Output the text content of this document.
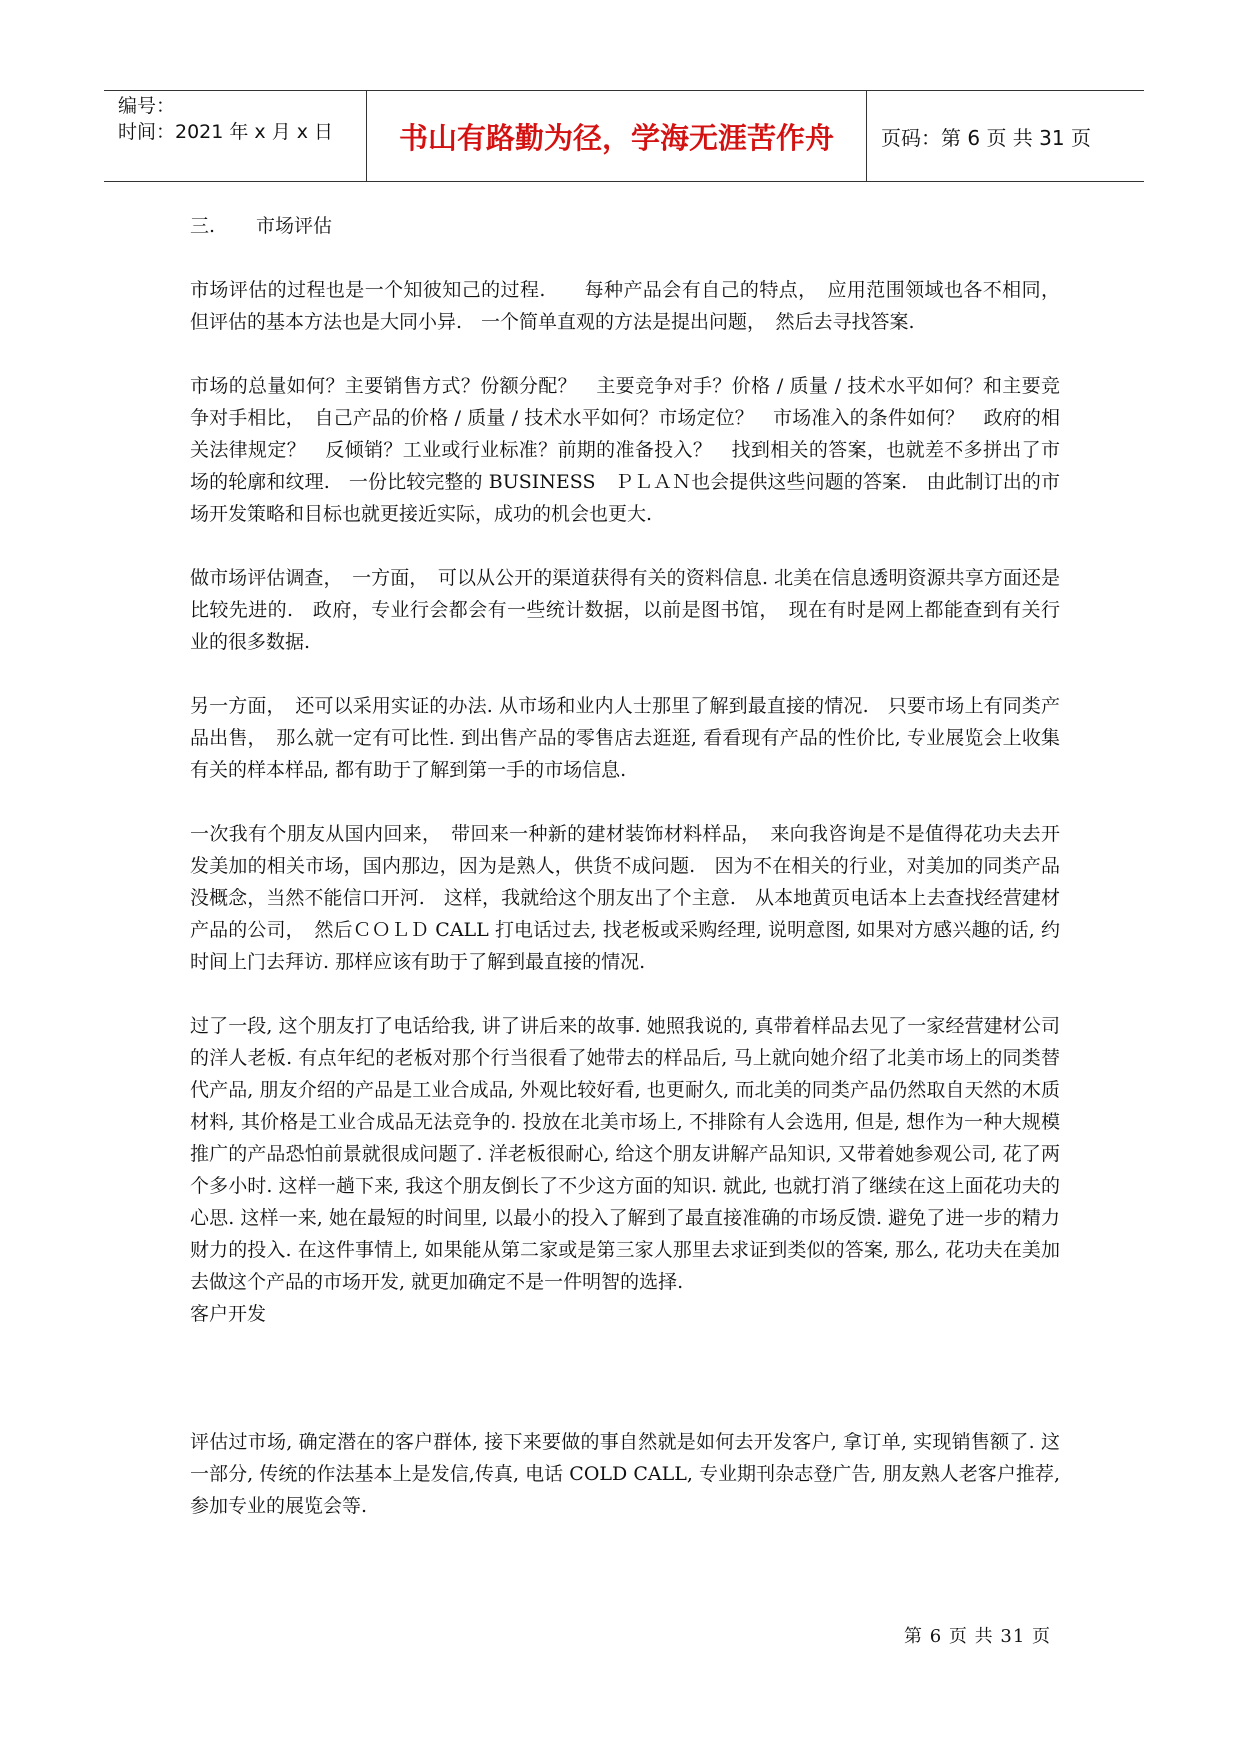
编号：
时间：2021 年 x 月 x 日	书山有路勤为径，学海无涯苦作舟	页码：第 6 页 共 31 页
三. 市场评估

市场评估的过程也是一个知彼知己的过程.　　每种产品会有自己的特点，　应用范围领域也各不相同，但评估的基本方法也是大同小异.　一个简单直观的方法是提出问题，　然后去寻找答案.

市场的总量如何？主要销售方式？份额分配？　主要竞争对手？价格 / 质量 / 技术水平如何？和主要竞争对手相比，　自己产品的价格 / 质量 / 技术水平如何？市场定位？　市场准入的条件如何？　政府的相关法律规定？　反倾销？工业或行业标准？前期的准备投入？　找到相关的答案，也就差不多拼出了市场的轮廓和纹理.　一份比较完整的 BUSINESS　ＰＬＡＮ也会提供这些问题的答案.　由此制订出的市场开发策略和目标也就更接近实际，成功的机会也更大.

做市场评估调查，　一方面，　可以从公开的渠道获得有关的资料信息. 北美在信息透明资源共享方面还是比较先进的.　政府，专业行会都会有一些统计数据，以前是图书馆，　现在有时是网上都能查到有关行业的很多数据.

另一方面，　还可以采用实证的办法. 从市场和业内人士那里了解到最直接的情况.　只要市场上有同类产品出售，　那么就一定有可比性. 到出售产品的零售店去逛逛, 看看现有产品的性价比, 专业展览会上收集有关的样本样品, 都有助于了解到第一手的市场信息.

一次我有个朋友从国内回来，　带回来一种新的建材装饰材料样品，　来向我咨询是不是值得花功夫去开发美加的相关市场，国内那边，因为是熟人，供货不成问题.　因为不在相关的行业，对美加的同类产品没概念，当然不能信口开河.　这样，我就给这个朋友出了个主意.　从本地黄页电话本上去查找经营建材产品的公司，　然后ＣＯＬＤ CALL 打电话过去, 找老板或采购经理, 说明意图, 如果对方感兴趣的话, 约时间上门去拜访. 那样应该有助于了解到最直接的情况.

过了一段, 这个朋友打了电话给我, 讲了讲后来的故事. 她照我说的, 真带着样品去见了一家经营建材公司的洋人老板. 有点年纪的老板对那个行当很看了她带去的样品后, 马上就向她介绍了北美市场上的同类替代产品, 朋友介绍的产品是工业合成品, 外观比较好看, 也更耐久, 而北美的同类产品仍然取自天然的木质材料, 其价格是工业合成品无法竞争的. 投放在北美市场上, 不排除有人会选用, 但是, 想作为一种大规模推广的产品恐怕前景就很成问题了. 洋老板很耐心, 给这个朋友讲解产品知识, 又带着她参观公司, 花了两个多小时. 这样一趟下来, 我这个朋友倒长了不少这方面的知识. 就此, 也就打消了继续在这上面花功夫的心思. 这样一来, 她在最短的时间里, 以最小的投入了解到了最直接准确的市场反馈. 避免了进一步的精力财力的投入. 在这件事情上, 如果能从第二家或是第三家人那里去求证到类似的答案, 那么, 花功夫在美加去做这个产品的市场开发, 就更加确定不是一件明智的选择.

客户开发

评估过市场, 确定潜在的客户群体, 接下来要做的事自然就是如何去开发客户, 拿订单, 实现销售额了. 这一部分, 传统的作法基本上是发信,传真, 电话 COLD CALL, 专业期刊杂志登广告, 朋友熟人老客户推荐, 参加专业的展览会等.

第 6 页 共 31 页
